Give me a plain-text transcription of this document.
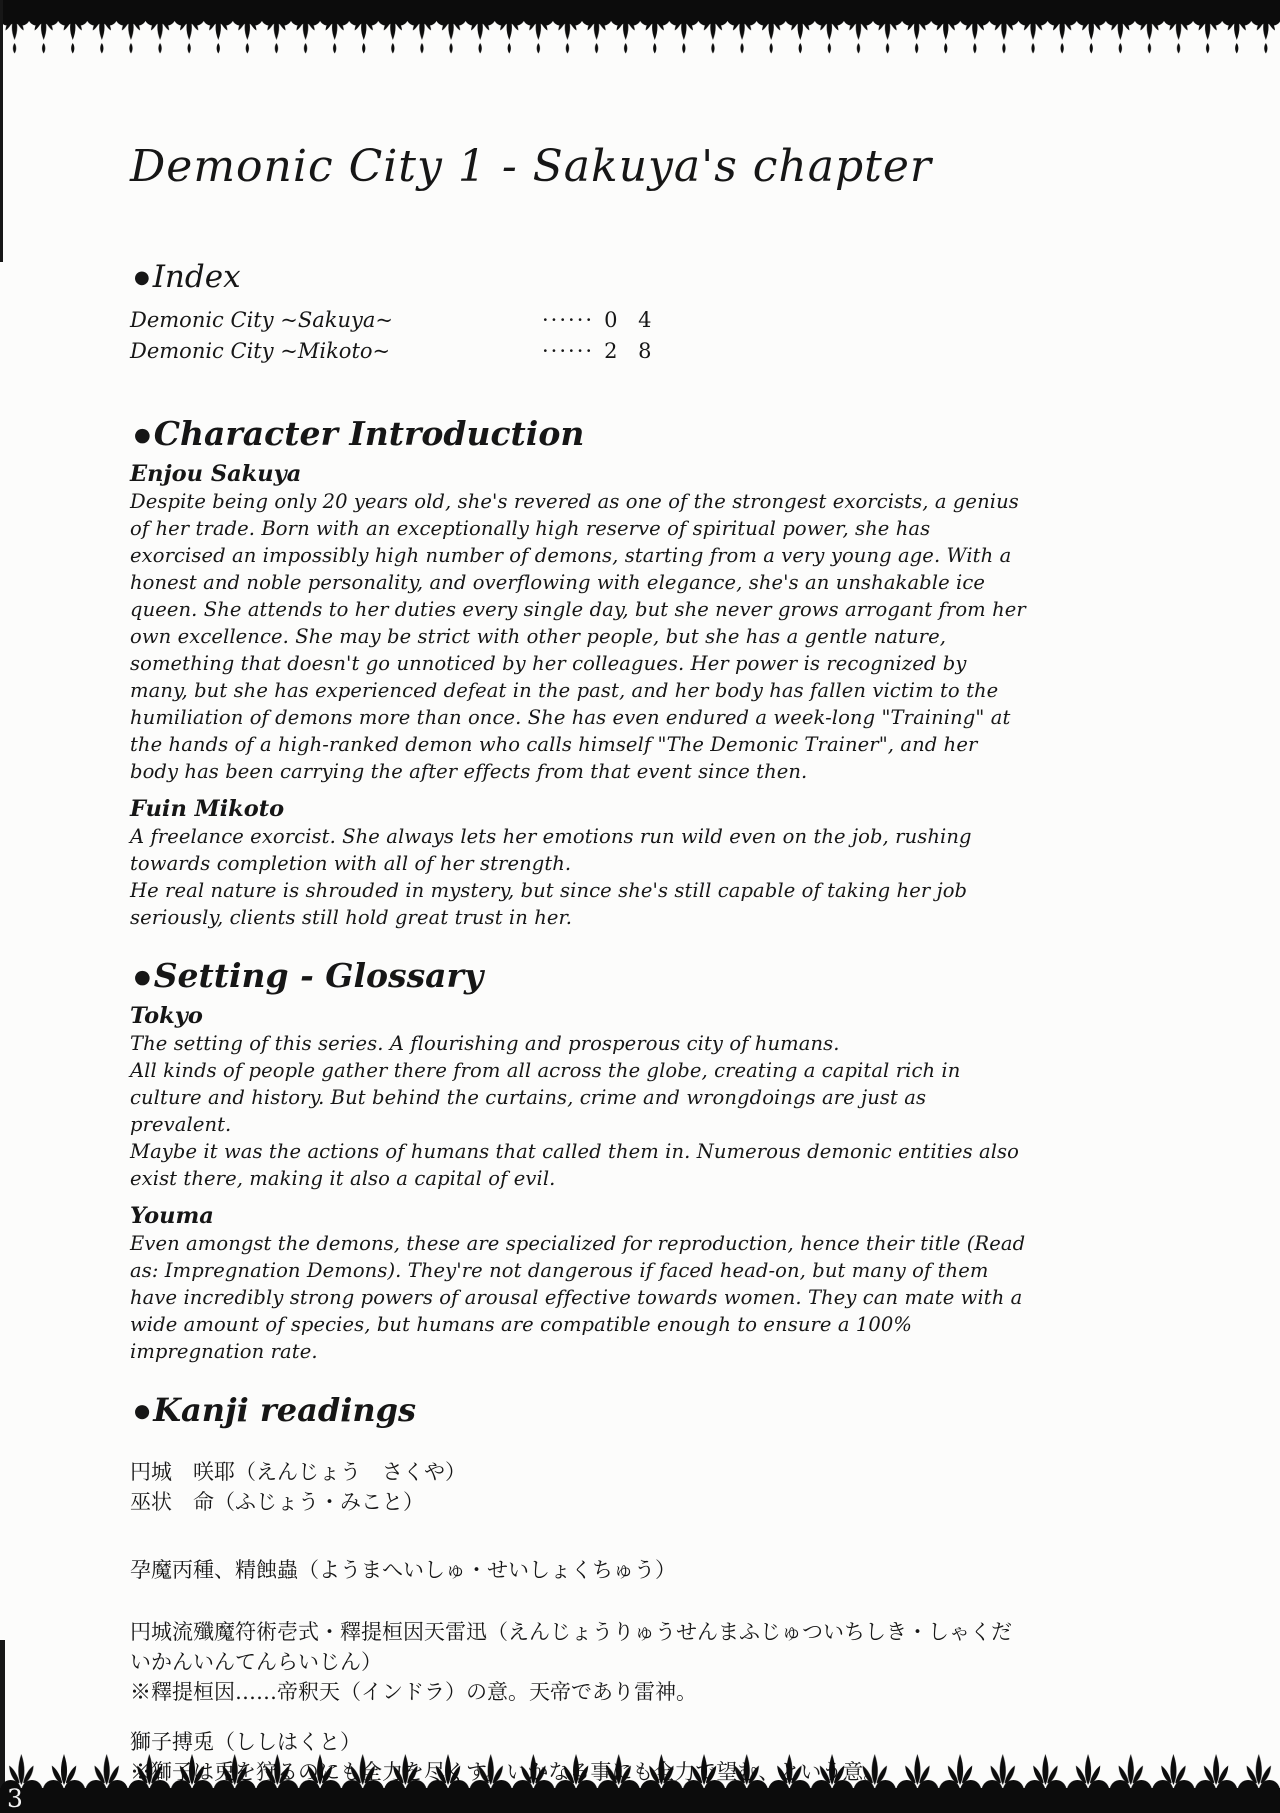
Demonic City 1 - Sakuya's chapter
●Index
Demonic City ~Sakuya~	······ 0 4
Demonic City ~Mikoto~	······ 2 8
●Character Introduction
Enjou Sakuya

Despite being only 20 years old, she's revered as one of the strongest exorcists, a genius of her trade. Born with an exceptionally high reserve of spiritual power, she has exorcised an impossibly high number of demons, starting from a very young age. With a honest and noble personality, and overflowing with elegance, she's an unshakable ice queen. She attends to her duties every single day, but she never grows arrogant from her own excellence. She may be strict with other people, but she has a gentle nature, something that doesn't go unnoticed by her colleagues. Her power is recognized by many, but she has experienced defeat in the past, and her body has fallen victim to the humiliation of demons more than once. She has even endured a week-long "Training" at the hands of a high-ranked demon who calls himself "The Demonic Trainer", and her body has been carrying the after effects from that event since then.

Fuin Mikoto

A freelance exorcist. She always lets her emotions run wild even on the job, rushing towards completion with all of her strength.

He real nature is shrouded in mystery, but since she's still capable of taking her job seriously, clients still hold great trust in her.

●Setting - Glossary
Tokyo

The setting of this series. A flourishing and prosperous city of humans.

All kinds of people gather there from all across the globe, creating a capital rich in culture and history. But behind the curtains, crime and wrongdoings are just as prevalent.

Maybe it was the actions of humans that called them in. Numerous demonic entities also exist there, making it also a capital of evil.

Youma

Even amongst the demons, these are specialized for reproduction, hence their title (Read as: Impregnation Demons). They're not dangerous if faced head-on, but many of them have incredibly strong powers of arousal effective towards women. They can mate with a wide amount of species, but humans are compatible enough to ensure a 100% impregnation rate.

●Kanji readings

円城　咲耶（えんじょう　さくや）

巫状　命（ふじょう・みこと）

孕魔丙種、精蝕蟲（ようまへいしゅ・せいしょくちゅう）

円城流殲魔符術壱式・釋提桓因天雷迅（えんじょうりゅうせんまふじゅついちしき・しゃくだいかんいんてんらいじん）

※釋提桓因……帝釈天（インドラ）の意。天帝であり雷神。

3
